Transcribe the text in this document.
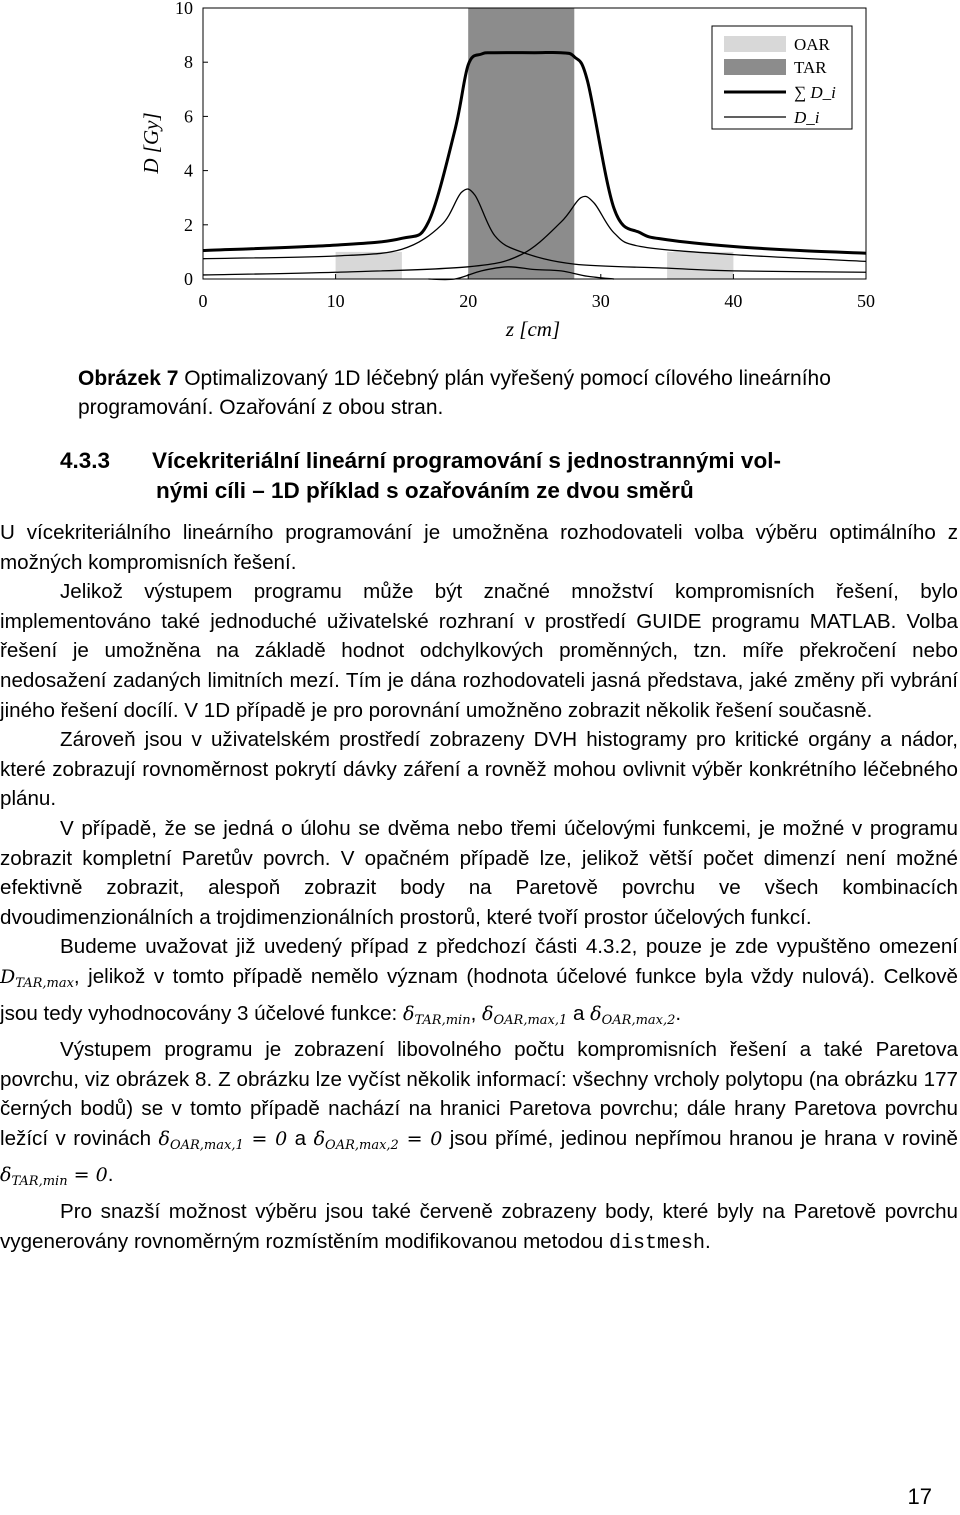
0	10	20	30	40	50
0
2
4
6
8
10
z [cm]
D [Gy]
OAR
TAR
∑ D_i
D_i
Obrázek 7 Optimalizovaný 1D léčebný plán vyřešený pomocí cílového lineárního programování. Ozařování z obou stran.
4.3.3 Vícekriteriální lineární programování s jednostrannými vol-
nými cíli – 1D příklad s ozařováním ze dvou směrů

U vícekriteriálního lineárního programování je umožněna rozhodovateli volba výběru optimálního z možných kompromisních řešení.

Jelikož výstupem programu může být značné množství kompromisních řešení, bylo implementováno také jednoduché uživatelské rozhraní v prostředí GUIDE programu MATLAB. Volba řešení je umožněna na základě hodnot odchylkových proměnných, tzn. míře překročení nebo nedosažení zadaných limitních mezí. Tím je dána rozhodovateli jasná představa, jaké změny při vybrání jiného řešení docílí. V 1D případě je pro porovnání umožněno zobrazit několik řešení současně.

Zároveň jsou v uživatelském prostředí zobrazeny DVH histogramy pro kritické orgány a nádor, které zobrazují rovnoměrnost pokrytí dávky záření a rovněž mohou ovlivnit výběr konkrétního léčebného plánu.

V případě, že se jedná o úlohu se dvěma nebo třemi účelovými funkcemi, je možné v programu zobrazit kompletní Paretův povrch. V opačném případě lze, jelikož větší počet dimenzí není možné efektivně zobrazit, alespoň zobrazit body na Paretově povrchu ve všech kombinacích dvoudimenzionálních a trojdimenzionálních prostorů, které tvoří prostor účelových funkcí.

Budeme uvažovat již uvedený případ z předchozí části 4.3.2, pouze je zde vypuštěno omezení $D_{TAR,max}$, jelikož v tomto případě nemělo význam (hodnota účelové funkce byla vždy nulová). Celkově jsou tedy vyhodnocovány 3 účelové funkce: $\delta_{TAR,min}$, $\delta_{OAR,max,1}$ a $\delta_{OAR,max,2}$.

Výstupem programu je zobrazení libovolného počtu kompromisních řešení a také Paretova povrchu, viz obrázek 8. Z obrázku lze vyčíst několik informací: všechny vrcholy polytopu (na obrázku 177 černých bodů) se v tomto případě nachází na hranici Paretova povrchu; dále hrany Paretova povrchu ležící v rovinách $\delta_{OAR,max,1} = 0$ a $\delta_{OAR,max,2} = 0$ jsou přímé, jedinou nepřímou hranou je hrana v rovině $\delta_{TAR,min} = 0$.

Pro snazší možnost výběru jsou také červeně zobrazeny body, které byly na Paretově povrchu vygenerovány rovnoměrným rozmístěním modifikovanou metodou distmesh.

17
